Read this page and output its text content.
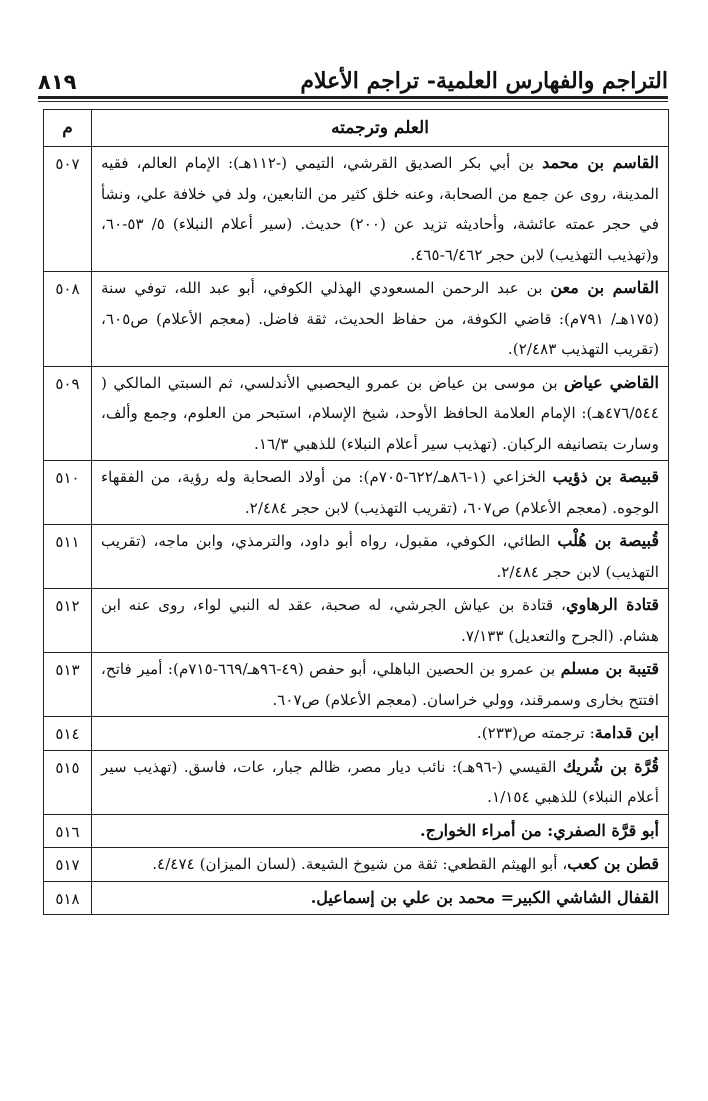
التراجم والفهارس العلمية- تراجم الأعلام
٨١٩
العلم وترجمته	م
القاسم بن محمد بن أبي بكر الصديق القرشي، التيمي (-١١٢هـ): الإمام العالم، فقيه المدينة، روى عن جمع من الصحابة، وعنه خلق كثير من التابعين، ولد في خلافة علي، ونشأ في حجر عمته عائشة، وأحاديثه تزيد عن (٢٠٠) حديث. (سير أعلام النبلاء) ٥/ ٥٣-٦٠، و(تهذيب التهذيب) لابن حجر ٦/٤٦٢-٤٦٥.	٥٠٧
القاسم بن معن بن عبد الرحمن المسعودي الهذلي الكوفي، أبو عبد الله، توفي سنة (١٧٥هـ/ ٧٩١م): قاضي الكوفة، من حفاظ الحديث، ثقة فاضل. (معجم الأعلام) ص٦٠٥، (تقريب التهذيب ٢/٤٨٣).	٥٠٨
القاضي عياض بن موسى بن عياض بن عمرو اليحصبي الأندلسي، ثم السبتي المالكي ( ٤٧٦/٥٤٤هـ): الإمام العلامة الحافظ الأوحد، شيخ الإسلام، استبحر من العلوم، وجمع وألف، وسارت بتصانيفه الركبان. (تهذيب سير أعلام النبلاء) للذهبي ١٦/٣.	٥٠٩
قبيصة بن ذؤيب الخزاعي (١-٨٦هـ/٦٢٢-٧٠٥م): من أولاد الصحابة وله رؤية، من الفقهاء الوجوه. (معجم الأعلام) ص٦٠٧، (تقريب التهذيب) لابن حجر ٢/٤٨٤.	٥١٠
قُبيصة بن هُلْب الطائي، الكوفي، مقبول، رواه أبو داود، والترمذي، وابن ماجه، (تقريب التهذيب) لابن حجر ٢/٤٨٤.	٥١١
قتادة الرهاوي، قتادة بن عياش الجرشي، له صحبة، عقد له النبي لواء، روى عنه ابن هشام. (الجرح والتعديل) ٧/١٣٣.	٥١٢
قتيبة بن مسلم بن عمرو بن الحصين الباهلي، أبو حفص (٤٩-٩٦هـ/٦٦٩-٧١٥م): أمير فاتح، افتتح بخارى وسمرقند، وولي خراسان. (معجم الأعلام) ص٦٠٧.	٥١٣
ابن قدامة: ترجمته ص(٢٣٣).	٥١٤
قُرَّة بن شُريك القيسي (-٩٦هـ): نائب ديار مصر، ظالم جبار، عات، فاسق. (تهذيب سير أعلام النبلاء) للذهبي ١/١٥٤.	٥١٥
أبو قرَّة الصفري: من أمراء الخوارج.	٥١٦
قطن بن كعب، أبو الهيثم القطعي: ثقة من شيوخ الشيعة. (لسان الميزان) ٤/٤٧٤.	٥١٧
القفال الشاشي الكبير= محمد بن علي بن إسماعيل.	٥١٨
